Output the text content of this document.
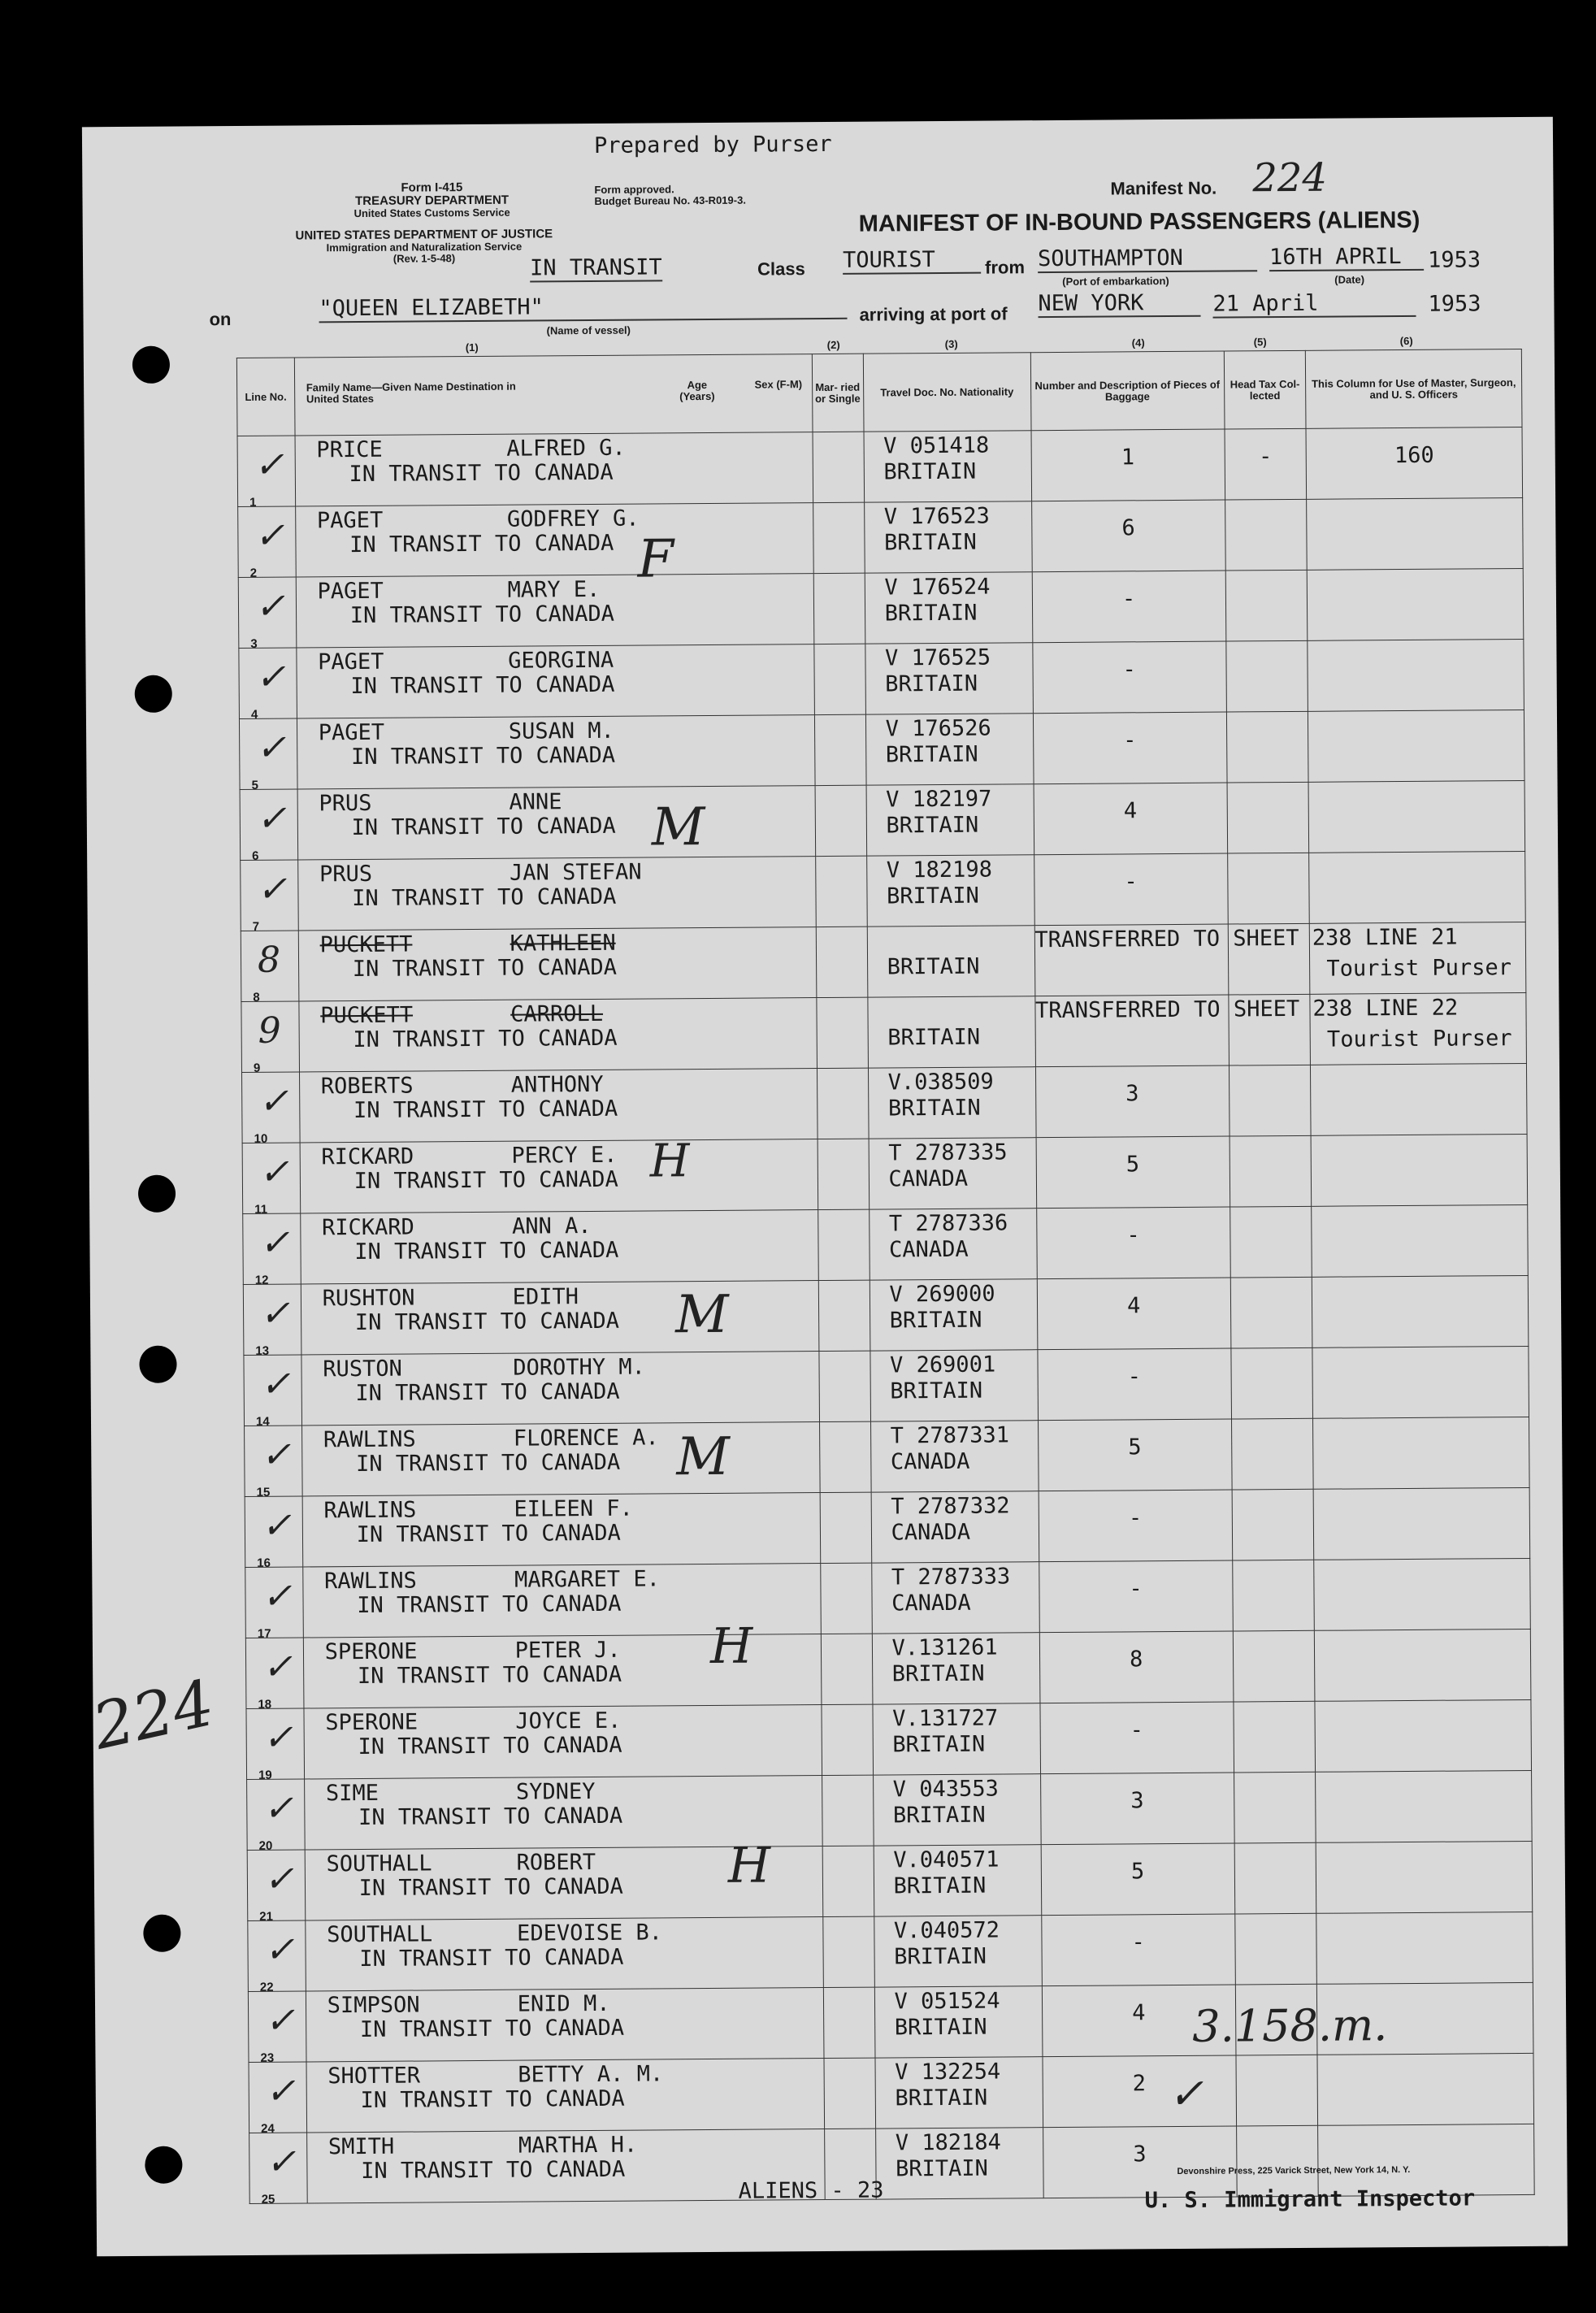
Prepared by Purser
Form I-415
TREASURY DEPARTMENT
United States Customs Service
Form approved.
Budget Bureau No. 43-R019-3.
UNITED STATES DEPARTMENT OF JUSTICE
Immigration and Naturalization Service
(Rev. 1-5-48)
Manifest No. 224
MANIFEST OF IN-BOUND PASSENGERS (ALIENS)
IN TRANSIT	Class TOURIST	from SOUTHAMPTON
(Port of embarkation)
16TH APRIL
(Date)
1953
on	"QUEEN ELIZABETH"
(Name of vessel)
arriving at port of NEW YORK	21 April	1953
(1)	(2)	(3)	(4)	(5)	(6)
Line No.	Family Name—Given Name Destination in United States
Age (Years)
Sex (F-M)	Mar- ried or Single	Travel Doc. No. Nationality	Number and Description of Pieces of Baggage	Head Tax Col- lected	This Column for Use of Master, Surgeon, and U. S. Officers

✓
1	PRICE ALFRED G.
IN TRANSIT TO CANADA		V 051418
BRITAIN	1	-	160

✓
2	PAGET GODFREY G.
IN TRANSIT TO CANADA		V 176523
BRITAIN	6		

✓
3	PAGET MARY E.
IN TRANSIT TO CANADA		V 176524
BRITAIN	-		

✓
4	PAGET GEORGINA
IN TRANSIT TO CANADA		V 176525
BRITAIN	-		

✓
5	PAGET SUSAN M.
IN TRANSIT TO CANADA		V 176526
BRITAIN	-		

✓
6	PRUS ANNE
IN TRANSIT TO CANADA		V 182197
BRITAIN	4		

✓
7	PRUS JAN STEFAN
IN TRANSIT TO CANADA		V 182198
BRITAIN	-		

8
8	PUCKETT KATHLEEN
IN TRANSIT TO CANADA		BRITAIN
TRANSFERRED TO SHEET 238 LINE 21			Tourist Purser

9
9	PUCKETT CARROLL
IN TRANSIT TO CANADA		BRITAIN
TRANSFERRED TO SHEET 238 LINE 22			Tourist Purser

✓
10	ROBERTS ANTHONY
IN TRANSIT TO CANADA		V.038509
BRITAIN	3		

✓
11	RICKARD PERCY E.
IN TRANSIT TO CANADA		T 2787335
CANADA	5		

✓
12	RICKARD ANN A.
IN TRANSIT TO CANADA		T 2787336
CANADA	-		

✓
13	RUSHTON EDITH
IN TRANSIT TO CANADA		V 269000
BRITAIN	4		

✓
14	RUSTON DOROTHY M.
IN TRANSIT TO CANADA		V 269001
BRITAIN	-		

✓
15	RAWLINS FLORENCE A.
IN TRANSIT TO CANADA		T 2787331
CANADA	5		

✓
16	RAWLINS EILEEN F.
IN TRANSIT TO CANADA		T 2787332
CANADA	-		

✓
17	RAWLINS MARGARET E.
IN TRANSIT TO CANADA		T 2787333
CANADA	-		

✓
18	SPERONE PETER J.
IN TRANSIT TO CANADA		V.131261
BRITAIN	8		

✓
19	SPERONE JOYCE E.
IN TRANSIT TO CANADA		V.131727
BRITAIN	-		

✓
20	SIME SYDNEY
IN TRANSIT TO CANADA		V 043553
BRITAIN	3		

✓
21	SOUTHALL ROBERT
IN TRANSIT TO CANADA		V.040571
BRITAIN	5		

✓
22	SOUTHALL EDEVOISE B.
IN TRANSIT TO CANADA		V.040572
BRITAIN	-		

✓
23	SIMPSON ENID M.
IN TRANSIT TO CANADA		V 051524
BRITAIN	4		

✓
24	SHOTTER BETTY A. M.
IN TRANSIT TO CANADA		V 132254
BRITAIN	2		

✓
25	SMITH MARTHA H.
IN TRANSIT TO CANADA		V 182184
BRITAIN	3		

F
M
H
M
M
H
H
224
3.158.m.
✓
ALIENS - 23
Devonshire Press, 225 Varick Street, New York 14, N. Y.
U. S. Immigrant Inspector
